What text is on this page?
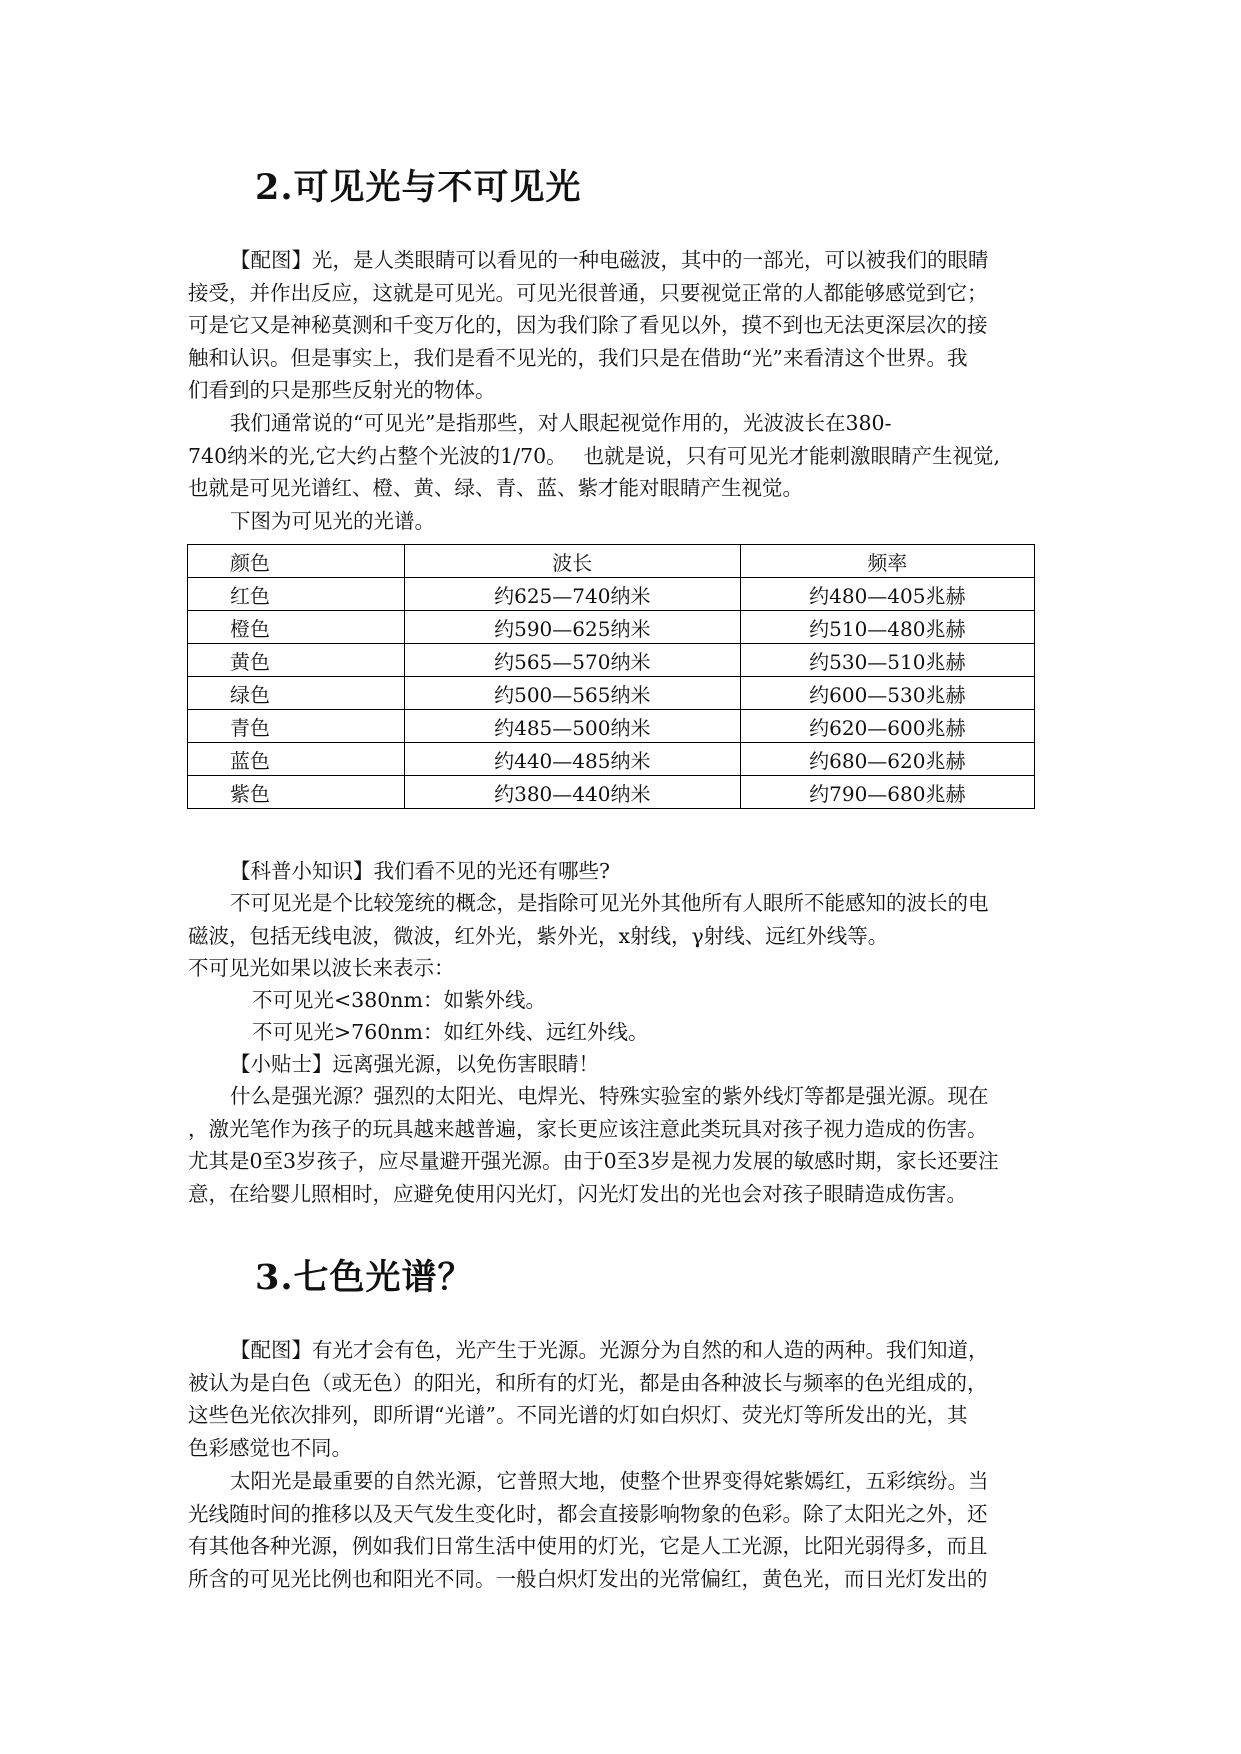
2.可见光与不可见光
【配图】光，是人类眼睛可以看见的一种电磁波，其中的一部光，可以被我们的眼睛
接受，并作出反应，这就是可见光。可见光很普通，只要视觉正常的人都能够感觉到它；
可是它又是神秘莫测和千变万化的，因为我们除了看见以外，摸不到也无法更深层次的接
触和认识。但是事实上，我们是看不见光的，我们只是在借助“光”来看清这个世界。我
们看到的只是那些反射光的物体。
我们通常说的“可见光”是指那些，对人眼起视觉作用的，光波波长在380-
740纳米的光,它大约占整个光波的1/70。　 也就是说，只有可见光才能刺激眼睛产生视觉,
也就是可见光谱红、橙、黄、绿、青、蓝、紫才能对眼睛产生视觉。
下图为可见光的光谱。
颜色	波长	频率
红色	约625—740纳米	约480—405兆赫
橙色	约590—625纳米	约510—480兆赫
黄色	约565—570纳米	约530—510兆赫
绿色	约500—565纳米	约600—530兆赫
青色	约485—500纳米	约620—600兆赫
蓝色	约440—485纳米	约680—620兆赫
紫色	约380—440纳米	约790—680兆赫
【科普小知识】我们看不见的光还有哪些?
不可见光是个比较笼统的概念，是指除可见光外其他所有人眼所不能感知的波长的电
磁波，包括无线电波，微波，红外光，紫外光，x射线，γ射线、远红外线等。
不可见光如果以波长来表示：
不可见光<380nm：如紫外线。
不可见光>760nm：如红外线、远红外线。
【小贴士】远离强光源，以免伤害眼睛！
什么是强光源？强烈的太阳光、电焊光、特殊实验室的紫外线灯等都是强光源。现在
，激光笔作为孩子的玩具越来越普遍，家长更应该注意此类玩具对孩子视力造成的伤害。
尤其是0至3岁孩子，应尽量避开强光源。由于0至3岁是视力发展的敏感时期，家长还要注
意，在给婴儿照相时，应避免使用闪光灯，闪光灯发出的光也会对孩子眼睛造成伤害。
3.七色光谱？
【配图】有光才会有色，光产生于光源。光源分为自然的和人造的两种。我们知道，
被认为是白色（或无色）的阳光，和所有的灯光，都是由各种波长与频率的色光组成的，
这些色光依次排列，即所谓“光谱”。不同光谱的灯如白炽灯、荧光灯等所发出的光，其
色彩感觉也不同。
太阳光是最重要的自然光源，它普照大地，使整个世界变得姹紫嫣红，五彩缤纷。当
光线随时间的推移以及天气发生变化时，都会直接影响物象的色彩。除了太阳光之外，还
有其他各种光源，例如我们日常生活中使用的灯光，它是人工光源，比阳光弱得多，而且
所含的可见光比例也和阳光不同。一般白炽灯发出的光常偏红，黄色光，而日光灯发出的
